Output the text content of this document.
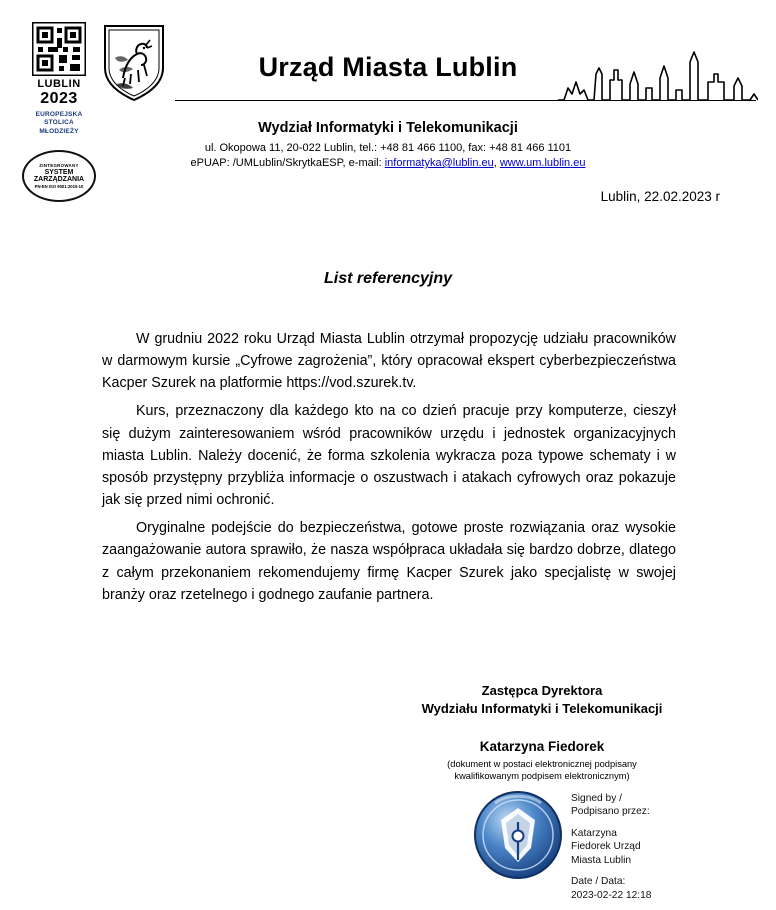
LUBLIN
2023
EUROPEJSKA
STOLICA
MŁODZIEŻY
ZINTEGROWANY
SYSTEM
ZARZĄDZANIA
PN-EN ISO 9001:2015-10
Urząd Miasta Lublin
Wydział Informatyki i Telekomunikacji
ul. Okopowa 11, 20-022 Lublin, tel.: +48 81 466 1100, fax: +48 81 466 1101
ePUAP: /UMLublin/SkrytkaESP, e-mail: informatyka@lublin.eu, www.um.lublin.eu
Lublin, 22.02.2023 r
List referencyjny

W grudniu 2022 roku Urząd Miasta Lublin otrzymał propozycję udziału pracowników w darmowym kursie „Cyfrowe zagrożenia”, który opracował ekspert cyberbezpieczeństwa Kacper Szurek na platformie https://vod.szurek.tv.

Kurs, przeznaczony dla każdego kto na co dzień pracuje przy komputerze, cieszył się dużym zainteresowaniem wśród pracowników urzędu i jednostek organizacyjnych miasta Lublin. Należy docenić, że forma szkolenia wykracza poza typowe schematy i w sposób przystępny przybliża informacje o oszustwach i atakach cyfrowych oraz pokazuje jak się przed nimi ochronić.

Oryginalne podejście do bezpieczeństwa, gotowe proste rozwiązania oraz wysokie zaangażowanie autora sprawiło, że nasza współpraca układała się bardzo dobrze, dlatego z całym przekonaniem rekomendujemy firmę Kacper Szurek jako specjalistę w swojej branży oraz rzetelnego i godnego zaufanie partnera.

Zastępca Dyrektora
Wydziału Informatyki i Telekomunikacji
Katarzyna Fiedorek
(dokument w postaci elektronicznej podpisany
kwalifikowanym podpisem elektronicznym)
Signed by /
Podpisano przez:
Katarzyna
Fiedorek Urząd
Miasta Lublin
Date / Data:
2023-02-22 12:18
